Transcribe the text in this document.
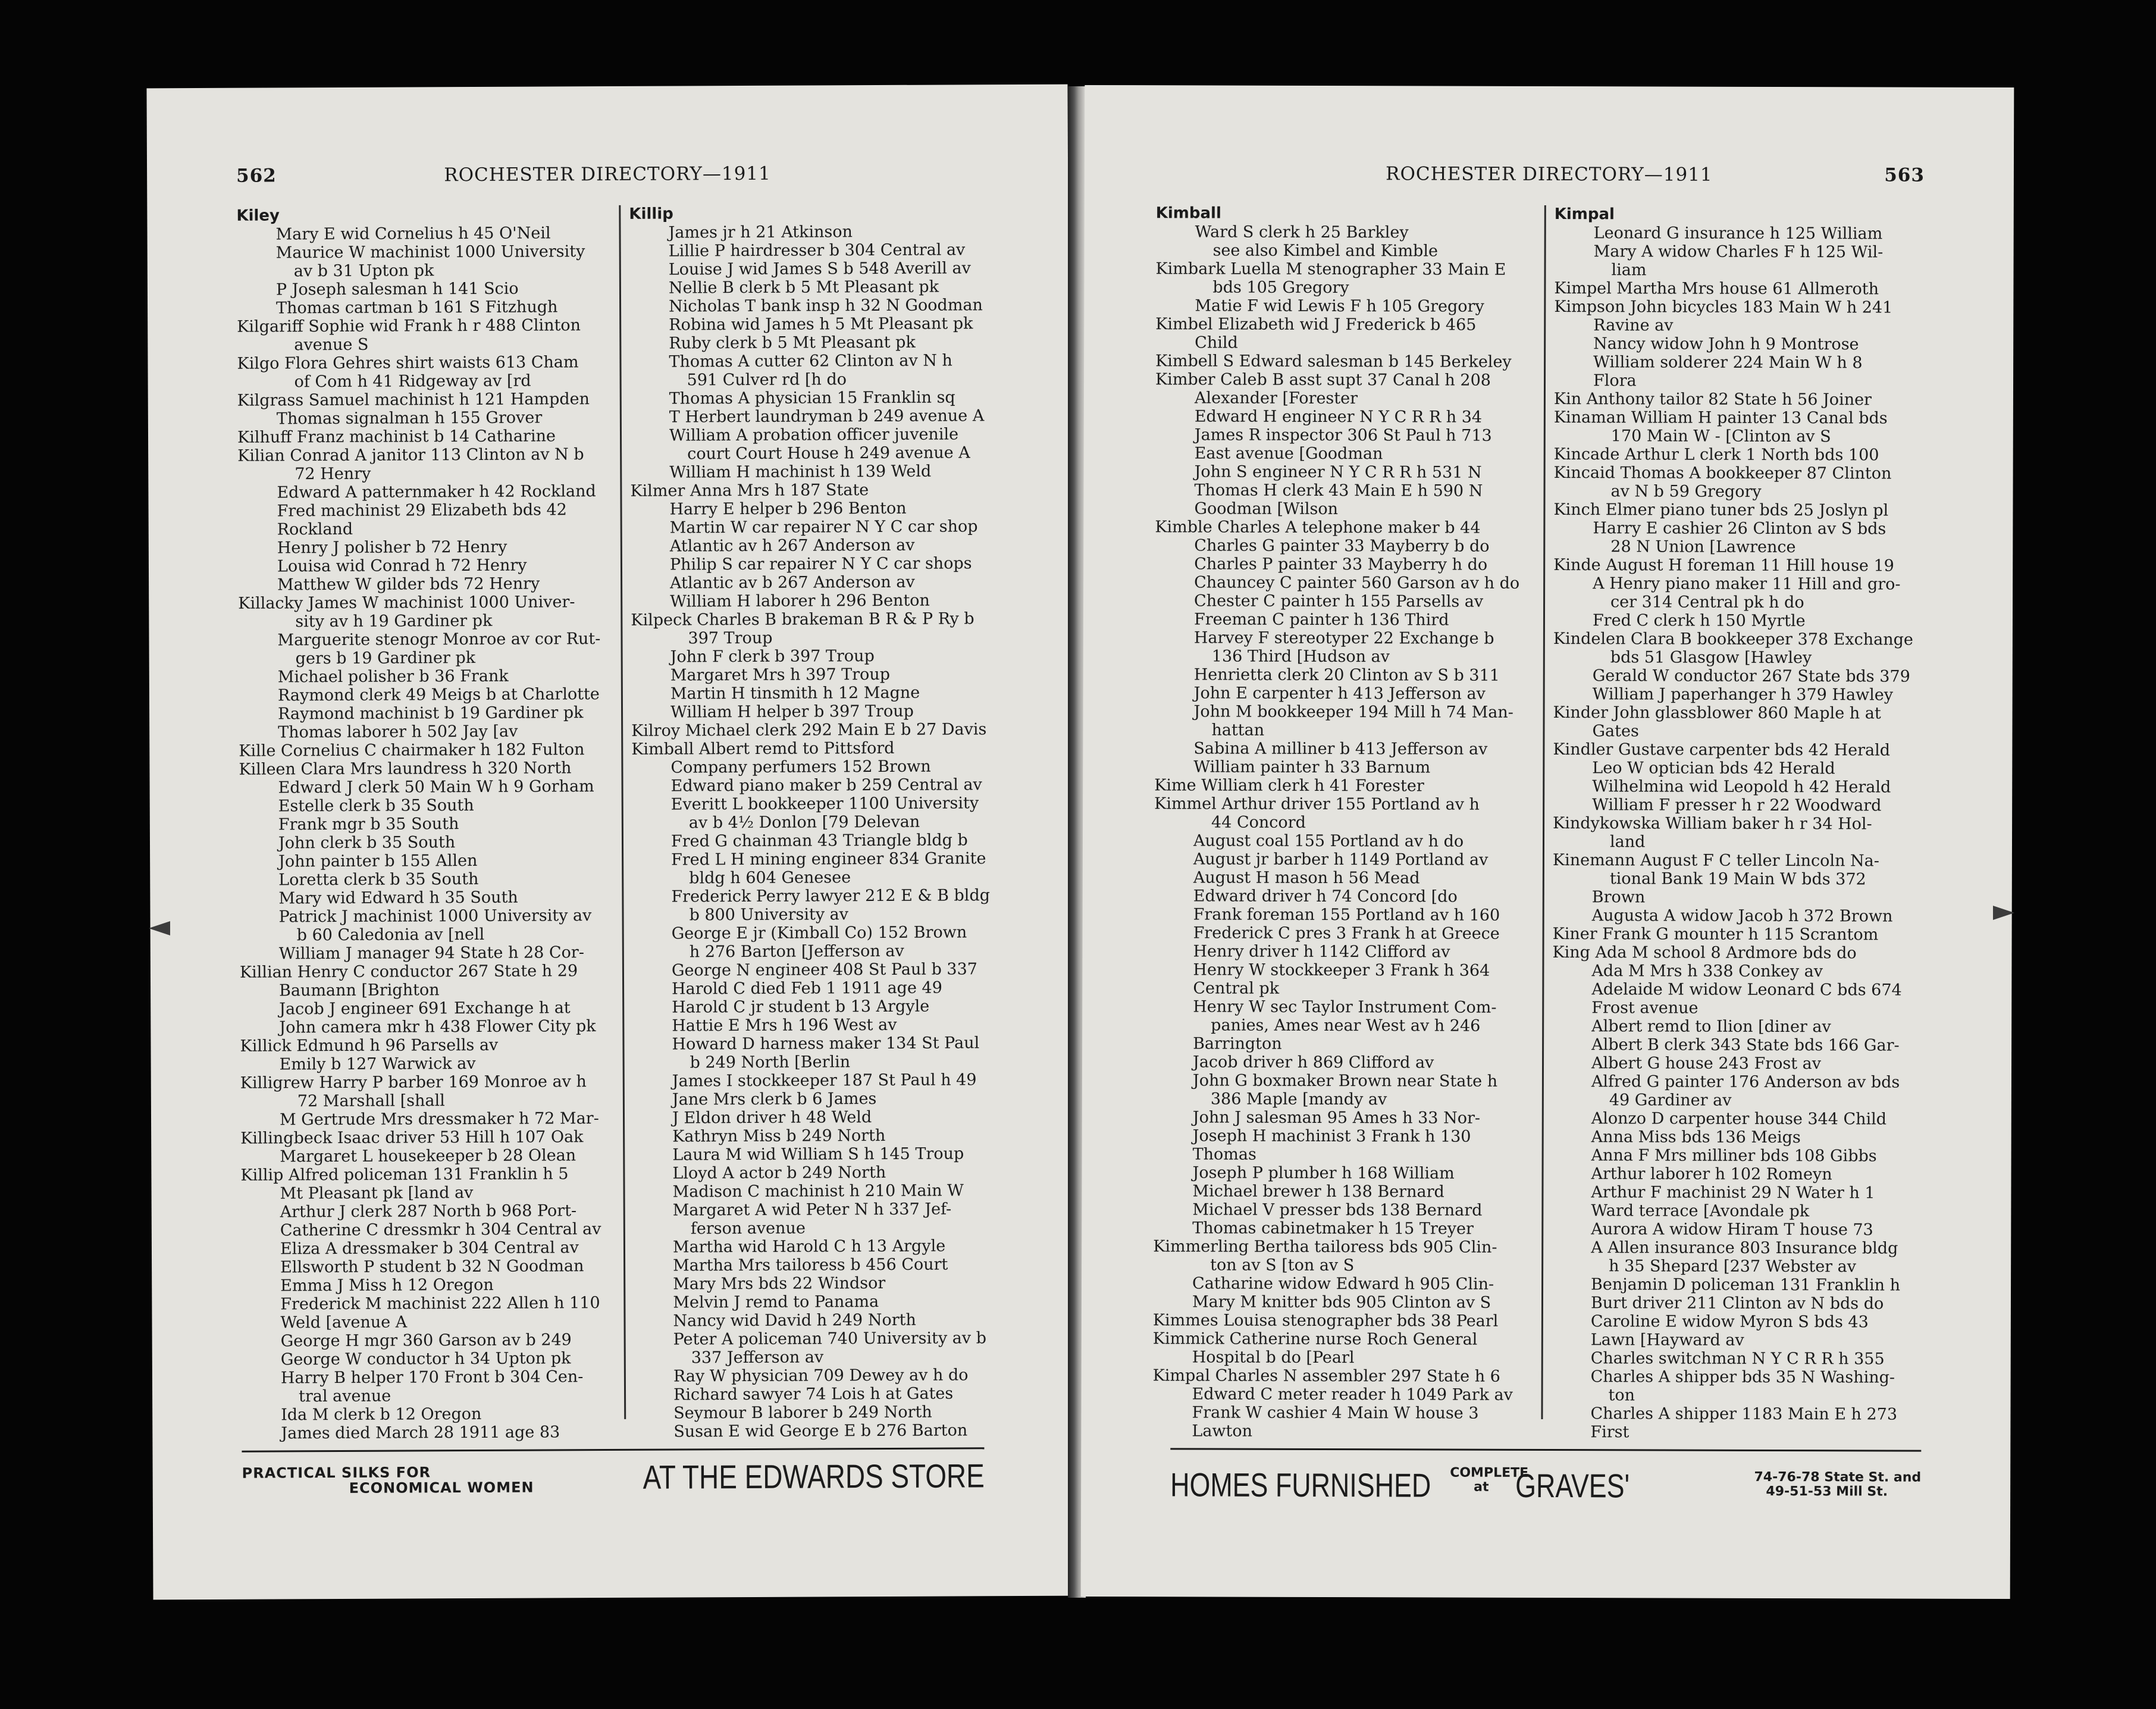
562	ROCHESTER DIRECTORY—1911
Kiley
Mary E wid Cornelius h 45 O'Neil
Maurice W machinist 1000 University
av b 31 Upton pk
P Joseph salesman h 141 Scio
Thomas cartman b 161 S Fitzhugh
Kilgariff Sophie wid Frank h r 488 Clinton
avenue S
Kilgo Flora Gehres shirt waists 613 Cham
of Com h 41 Ridgeway av [rd
Kilgrass Samuel machinist h 121 Hampden
Thomas signalman h 155 Grover
Kilhuff Franz machinist b 14 Catharine
Kilian Conrad A janitor 113 Clinton av N b
72 Henry
Edward A patternmaker h 42 Rockland
Fred machinist 29 Elizabeth bds 42
Rockland
Henry J polisher b 72 Henry
Louisa wid Conrad h 72 Henry
Matthew W gilder bds 72 Henry
Killacky James W machinist 1000 Univer-
sity av h 19 Gardiner pk
Marguerite stenogr Monroe av cor Rut-
gers b 19 Gardiner pk
Michael polisher b 36 Frank
Raymond clerk 49 Meigs b at Charlotte
Raymond machinist b 19 Gardiner pk
Thomas laborer h 502 Jay [av
Kille Cornelius C chairmaker h 182 Fulton
Killeen Clara Mrs laundress h 320 North
Edward J clerk 50 Main W h 9 Gorham
Estelle clerk b 35 South
Frank mgr b 35 South
John clerk b 35 South
John painter b 155 Allen
Loretta clerk b 35 South
Mary wid Edward h 35 South
Patrick J machinist 1000 University av
b 60 Caledonia av [nell
William J manager 94 State h 28 Cor-
Killian Henry C conductor 267 State h 29
Baumann [Brighton
Jacob J engineer 691 Exchange h at
John camera mkr h 438 Flower City pk
Killick Edmund h 96 Parsells av
Emily b 127 Warwick av
Killigrew Harry P barber 169 Monroe av h
72 Marshall [shall
M Gertrude Mrs dressmaker h 72 Mar-
Killingbeck Isaac driver 53 Hill h 107 Oak
Margaret L housekeeper b 28 Olean
Killip Alfred policeman 131 Franklin h 5
Mt Pleasant pk [land av
Arthur J clerk 287 North b 968 Port-
Catherine C dressmkr h 304 Central av
Eliza A dressmaker b 304 Central av
Ellsworth P student b 32 N Goodman
Emma J Miss h 12 Oregon
Frederick M machinist 222 Allen h 110
Weld [avenue A
George H mgr 360 Garson av b 249
George W conductor h 34 Upton pk
Harry B helper 170 Front b 304 Cen-
tral avenue
Ida M clerk b 12 Oregon
James died March 28 1911 age 83
Killip
James jr h 21 Atkinson
Lillie P hairdresser b 304 Central av
Louise J wid James S b 548 Averill av
Nellie B clerk b 5 Mt Pleasant pk
Nicholas T bank insp h 32 N Goodman
Robina wid James h 5 Mt Pleasant pk
Ruby clerk b 5 Mt Pleasant pk
Thomas A cutter 62 Clinton av N h
591 Culver rd [h do
Thomas A physician 15 Franklin sq
T Herbert laundryman b 249 avenue A
William A probation officer juvenile
court Court House h 249 avenue A
William H machinist h 139 Weld
Kilmer Anna Mrs h 187 State
Harry E helper b 296 Benton
Martin W car repairer N Y C car shop
Atlantic av h 267 Anderson av
Philip S car repairer N Y C car shops
Atlantic av b 267 Anderson av
William H laborer h 296 Benton
Kilpeck Charles B brakeman B R & P Ry b
397 Troup
John F clerk b 397 Troup
Margaret Mrs h 397 Troup
Martin H tinsmith h 12 Magne
William H helper b 397 Troup
Kilroy Michael clerk 292 Main E b 27 Davis
Kimball Albert remd to Pittsford
Company perfumers 152 Brown
Edward piano maker b 259 Central av
Everitt L bookkeeper 1100 University
av b 4½ Donlon [79 Delevan
Fred G chainman 43 Triangle bldg b
Fred L H mining engineer 834 Granite
bldg h 604 Genesee
Frederick Perry lawyer 212 E & B bldg
b 800 University av
George E jr (Kimball Co) 152 Brown
h 276 Barton [Jefferson av
George N engineer 408 St Paul b 337
Harold C died Feb 1 1911 age 49
Harold C jr student b 13 Argyle
Hattie E Mrs h 196 West av
Howard D harness maker 134 St Paul
b 249 North [Berlin
James I stockkeeper 187 St Paul h 49
Jane Mrs clerk b 6 James
J Eldon driver h 48 Weld
Kathryn Miss b 249 North
Laura M wid William S h 145 Troup
Lloyd A actor b 249 North
Madison C machinist h 210 Main W
Margaret A wid Peter N h 337 Jef-
ferson avenue
Martha wid Harold C h 13 Argyle
Martha Mrs tailoress b 456 Court
Mary Mrs bds 22 Windsor
Melvin J remd to Panama
Nancy wid David h 249 North
Peter A policeman 740 University av b
337 Jefferson av
Ray W physician 709 Dewey av h do
Richard sawyer 74 Lois h at Gates
Seymour B laborer b 249 North
Susan E wid George E b 276 Barton
PRACTICAL SILKS FOR
ECONOMICAL WOMEN	AT THE EDWARDS STORE
ROCHESTER DIRECTORY—1911	563
Kimball
Ward S clerk h 25 Barkley
see also Kimbel and Kimble
Kimbark Luella M stenographer 33 Main E
bds 105 Gregory
Matie F wid Lewis F h 105 Gregory
Kimbel Elizabeth wid J Frederick b 465
Child
Kimbell S Edward salesman b 145 Berkeley
Kimber Caleb B asst supt 37 Canal h 208
Alexander [Forester
Edward H engineer N Y C R R h 34
James R inspector 306 St Paul h 713
East avenue [Goodman
John S engineer N Y C R R h 531 N
Thomas H clerk 43 Main E h 590 N
Goodman [Wilson
Kimble Charles A telephone maker b 44
Charles G painter 33 Mayberry b do
Charles P painter 33 Mayberry h do
Chauncey C painter 560 Garson av h do
Chester C painter h 155 Parsells av
Freeman C painter h 136 Third
Harvey F stereotyper 22 Exchange b
136 Third [Hudson av
Henrietta clerk 20 Clinton av S b 311
John E carpenter h 413 Jefferson av
John M bookkeeper 194 Mill h 74 Man-
hattan
Sabina A milliner b 413 Jefferson av
William painter h 33 Barnum
Kime William clerk h 41 Forester
Kimmel Arthur driver 155 Portland av h
44 Concord
August coal 155 Portland av h do
August jr barber h 1149 Portland av
August H mason h 56 Mead
Edward driver h 74 Concord [do
Frank foreman 155 Portland av h 160
Frederick C pres 3 Frank h at Greece
Henry driver h 1142 Clifford av
Henry W stockkeeper 3 Frank h 364
Central pk
Henry W sec Taylor Instrument Com-
panies, Ames near West av h 246
Barrington
Jacob driver h 869 Clifford av
John G boxmaker Brown near State h
386 Maple [mandy av
John J salesman 95 Ames h 33 Nor-
Joseph H machinist 3 Frank h 130
Thomas
Joseph P plumber h 168 William
Michael brewer h 138 Bernard
Michael V presser bds 138 Bernard
Thomas cabinetmaker h 15 Treyer
Kimmerling Bertha tailoress bds 905 Clin-
ton av S [ton av S
Catharine widow Edward h 905 Clin-
Mary M knitter bds 905 Clinton av S
Kimmes Louisa stenographer bds 38 Pearl
Kimmick Catherine nurse Roch General
Hospital b do [Pearl
Kimpal Charles N assembler 297 State h 6
Edward C meter reader h 1049 Park av
Frank W cashier 4 Main W house 3
Lawton
Kimpal
Leonard G insurance h 125 William
Mary A widow Charles F h 125 Wil-
liam
Kimpel Martha Mrs house 61 Allmeroth
Kimpson John bicycles 183 Main W h 241
Ravine av
Nancy widow John h 9 Montrose
William solderer 224 Main W h 8
Flora
Kin Anthony tailor 82 State h 56 Joiner
Kinaman William H painter 13 Canal bds
170 Main W - [Clinton av S
Kincade Arthur L clerk 1 North bds 100
Kincaid Thomas A bookkeeper 87 Clinton
av N b 59 Gregory
Kinch Elmer piano tuner bds 25 Joslyn pl
Harry E cashier 26 Clinton av S bds
28 N Union [Lawrence
Kinde August H foreman 11 Hill house 19
A Henry piano maker 11 Hill and gro-
cer 314 Central pk h do
Fred C clerk h 150 Myrtle
Kindelen Clara B bookkeeper 378 Exchange
bds 51 Glasgow [Hawley
Gerald W conductor 267 State bds 379
William J paperhanger h 379 Hawley
Kinder John glassblower 860 Maple h at
Gates
Kindler Gustave carpenter bds 42 Herald
Leo W optician bds 42 Herald
Wilhelmina wid Leopold h 42 Herald
William F presser h r 22 Woodward
Kindykowska William baker h r 34 Hol-
land
Kinemann August F C teller Lincoln Na-
tional Bank 19 Main W bds 372
Brown
Augusta A widow Jacob h 372 Brown
Kiner Frank G mounter h 115 Scrantom
King Ada M school 8 Ardmore bds do
Ada M Mrs h 338 Conkey av
Adelaide M widow Leonard C bds 674
Frost avenue
Albert remd to Ilion [diner av
Albert B clerk 343 State bds 166 Gar-
Albert G house 243 Frost av
Alfred G painter 176 Anderson av bds
49 Gardiner av
Alonzo D carpenter house 344 Child
Anna Miss bds 136 Meigs
Anna F Mrs milliner bds 108 Gibbs
Arthur laborer h 102 Romeyn
Arthur F machinist 29 N Water h 1
Ward terrace [Avondale pk
Aurora A widow Hiram T house 73
A Allen insurance 803 Insurance bldg
h 35 Shepard [237 Webster av
Benjamin D policeman 131 Franklin h
Burt driver 211 Clinton av N bds do
Caroline E widow Myron S bds 43
Lawn [Hayward av
Charles switchman N Y C R R h 355
Charles A shipper bds 35 N Washing-
ton
Charles A shipper 1183 Main E h 273
First
HOMES FURNISHED COMPLETE
at GRAVES'	74-76-78 State St. and
49-51-53 Mill St.
